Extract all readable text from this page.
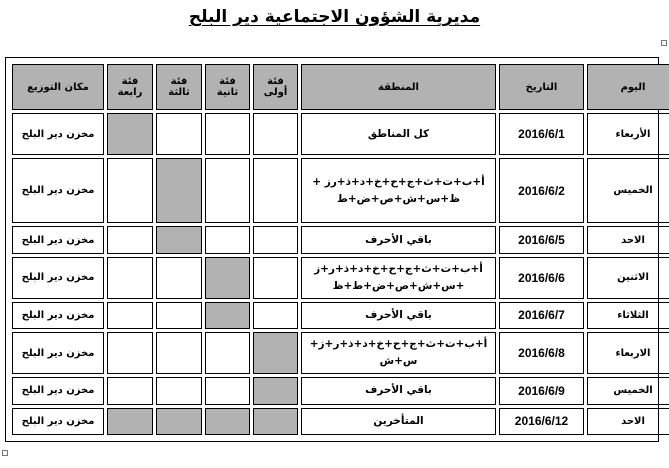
مديرية الشؤون الاجتماعية دير البلح
اليوم	التاريخ	المنطقة	فئة أولى	فئة ثانية	فئة ثالثة	فئة رابعة	مكان التوزيع
الأربعاء	2016/6/1	كل المناطق					مخزن دير البلح
الخميس	2016/6/2	أ+ب+ت+ث+ج+ح+خ+د+ذ+رز + ظ+س+ش+ص+ض+ط					مخزن دير البلح
الاحد	2016/6/5	باقي الأحرف					مخزن دير البلح
الاثنين	2016/6/6	أ+ب+ت+ث+ج+ح+خ+د+ذ+ر+ز +س+ش+ص+ض+ط+ظ					مخزن دير البلح
الثلاثاء	2016/6/7	باقي الأحرف					مخزن دير البلح
الاربعاء	2016/6/8	أ+ب+ت+ث+ج+ح+خ+د+ذ+ر+ز+ س+ش					مخزن دير البلح
الخميس	2016/6/9	باقي الأحرف					مخزن دير البلح
الاحد	2016/6/12	المتأخرين					مخزن دير البلح
